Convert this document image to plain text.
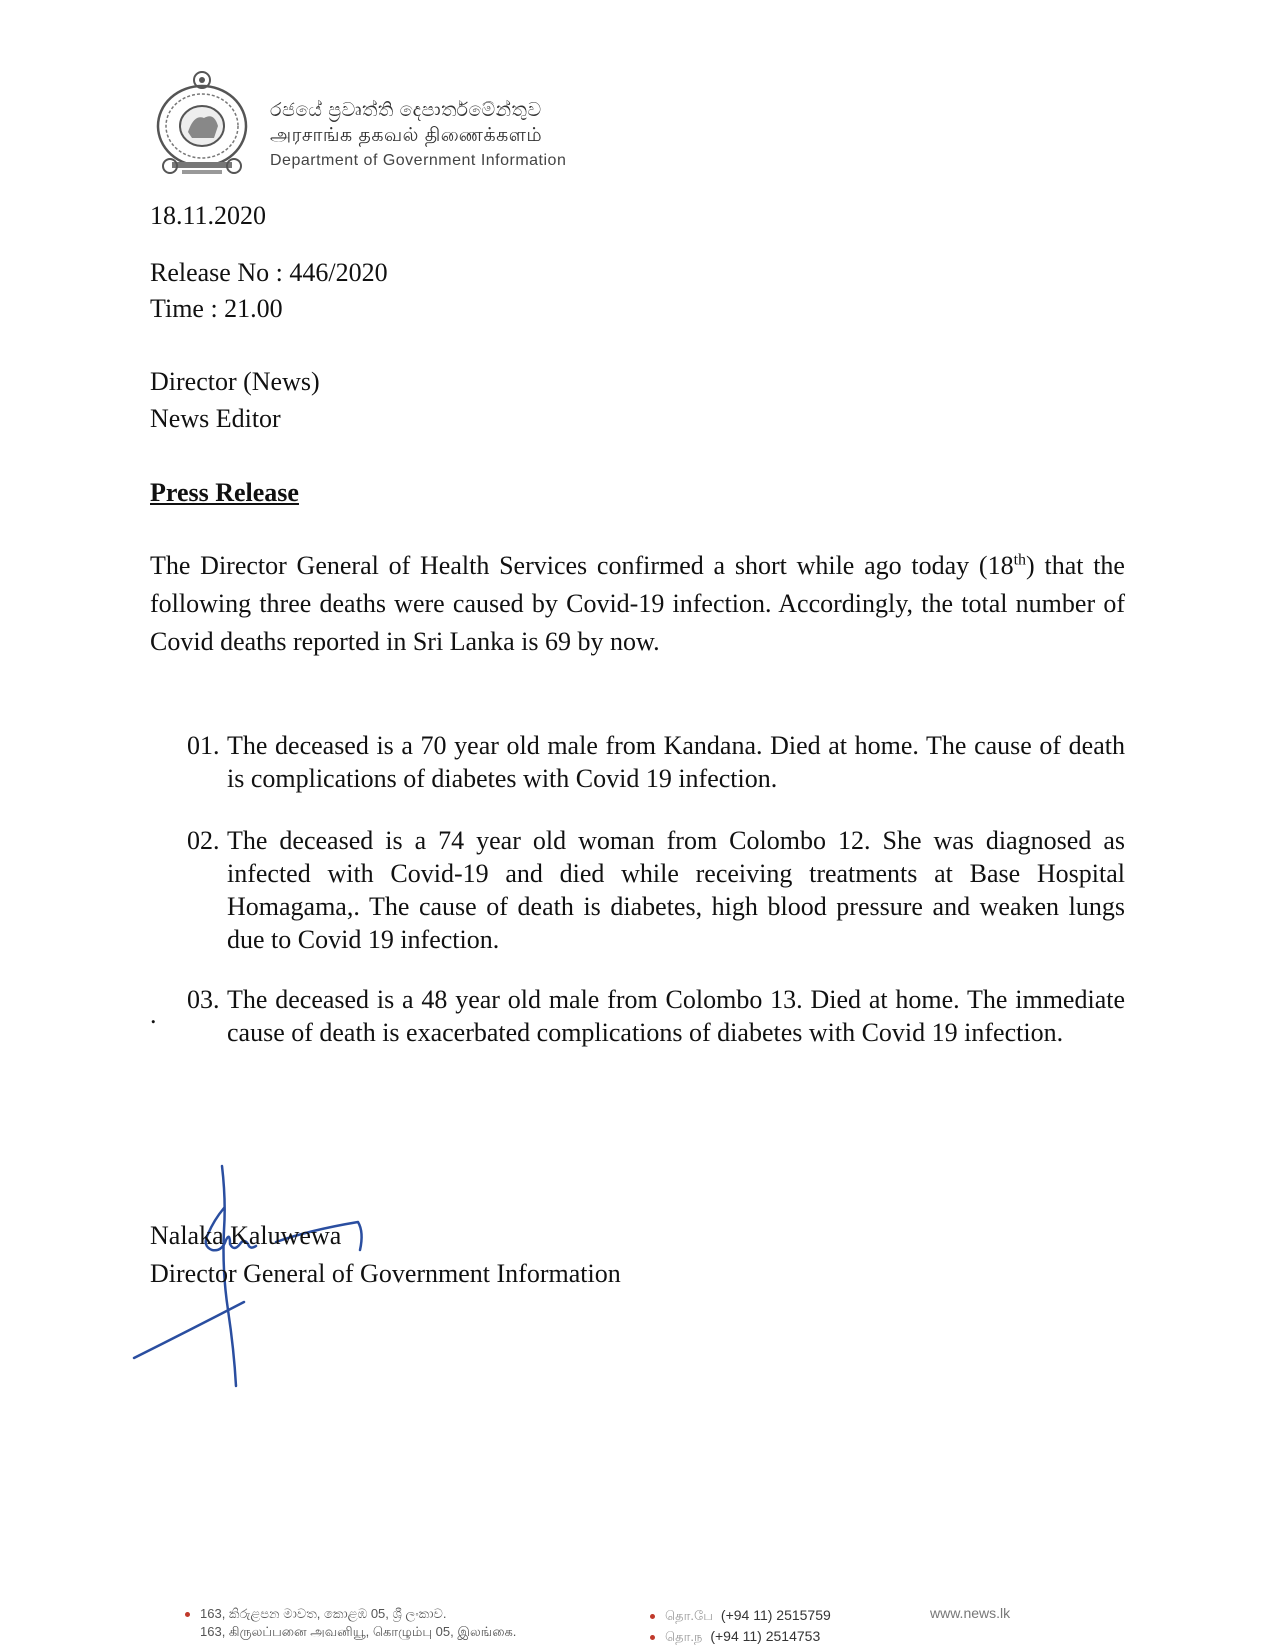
රජයේ ප්‍රවෘත්ති දෙපාර්තමේන්තුව
அரசாங்க தகவல் திணைக்களம்
Department of Government Information
18.11.2020
Release No : 446/2020
Time : 21.00
Director (News)
News Editor
Press Release
The Director General of Health Services confirmed a short while ago today (18th) that the following three deaths were caused by Covid-19 infection. Accordingly, the total number of Covid deaths reported in Sri Lanka is 69 by now.
01. The deceased is a 70 year old male from Kandana. Died at home. The cause of death is complications of diabetes with Covid 19 infection.
02. The deceased is a 74 year old woman from Colombo 12. She was diagnosed as infected with Covid-19 and died while receiving treatments at Base Hospital Homagama,. The cause of death is diabetes, high blood pressure and weaken lungs due to Covid 19 infection.
.
03. The deceased is a 48 year old male from Colombo 13. Died at home. The immediate cause of death is exacerbated complications of diabetes with Covid 19 infection.
Nalaka Kaluwewa
Director General of Government Information
163, කිරුළපන මාවත, කොළඹ 05, ශ්‍රී ලංකාව.
163, கிருலப்பனை அவனியூ, கொழும்பு 05, இலங்கை.
தொ.பே (+94 11) 2515759
தொ.ந (+94 11) 2514753
www.news.lk
